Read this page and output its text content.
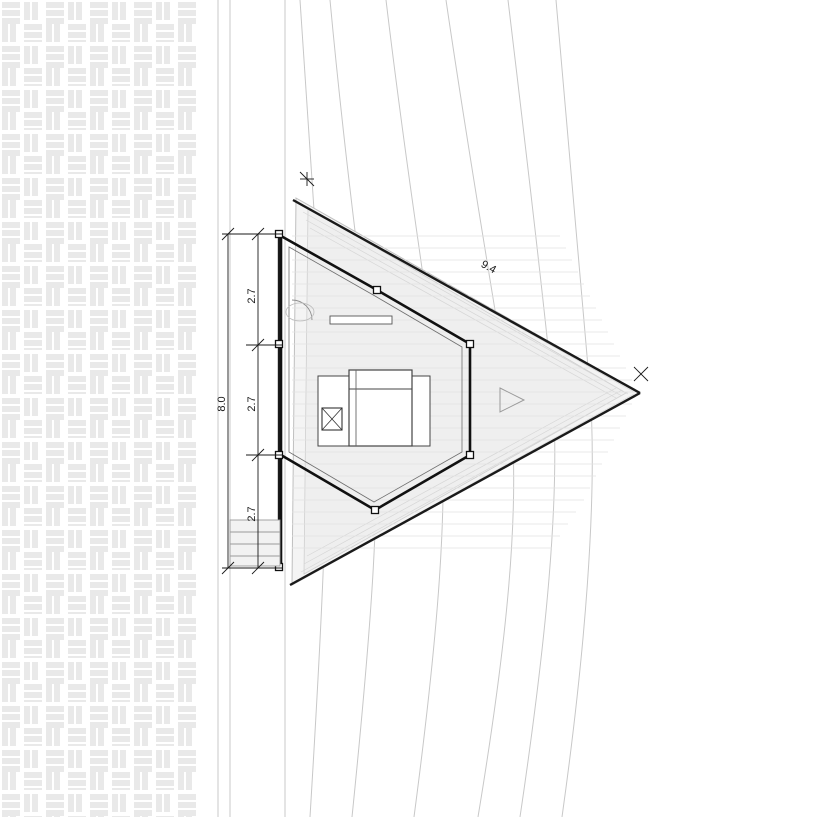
2.7
2.7
2.7
8.0
9.4
